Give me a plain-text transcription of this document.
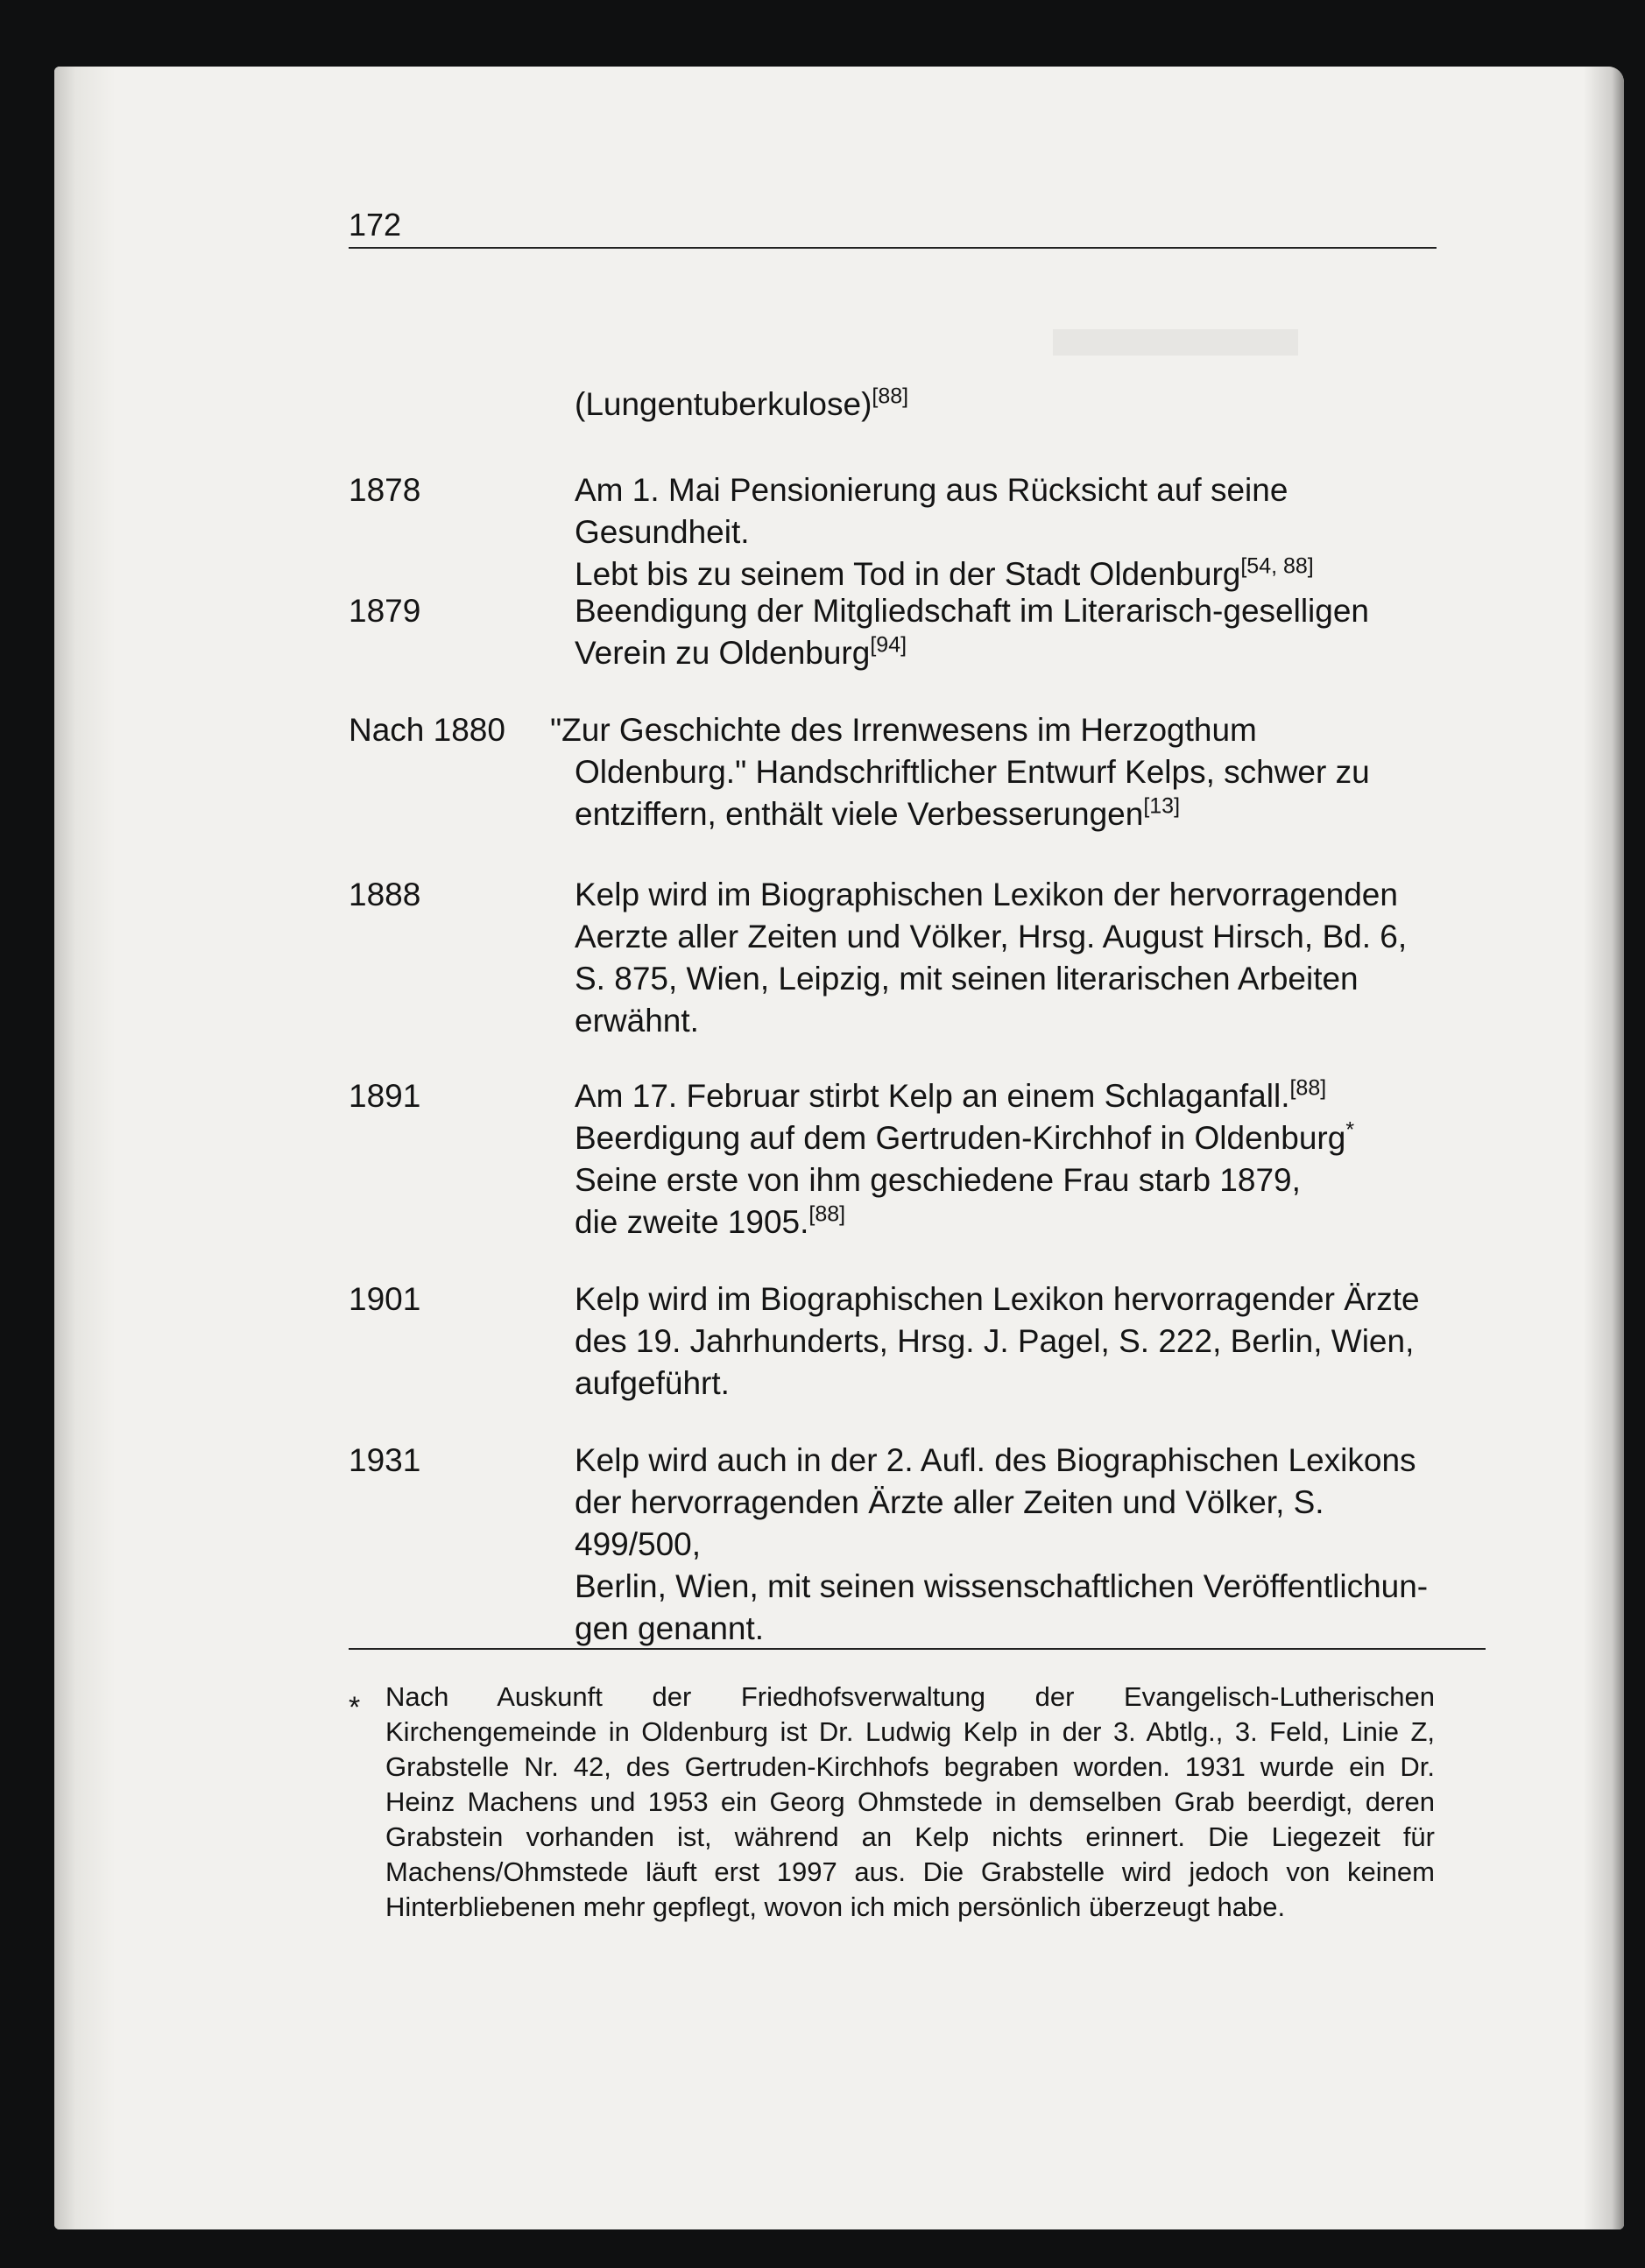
172
(Lungentuberkulose)[88]
1878	Am 1. Mai Pensionierung aus Rücksicht auf seine Gesundheit.
Lebt bis zu seinem Tod in der Stadt Oldenburg[54, 88]
1879	Beendigung der Mitgliedschaft im Literarisch-geselligen
Verein zu Oldenburg[94]
Nach 1880 "Zur Geschichte des Irrenwesens im Herzogthum
Oldenburg." Handschriftlicher Entwurf Kelps, schwer zu
entziffern, enthält viele Verbesserungen[13]
1888	Kelp wird im Biographischen Lexikon der hervorragenden
Aerzte aller Zeiten und Völker, Hrsg. August Hirsch, Bd. 6,
S. 875, Wien, Leipzig, mit seinen literarischen Arbeiten
erwähnt.
1891	Am 17. Februar stirbt Kelp an einem Schlaganfall.[88]
Beerdigung auf dem Gertruden-Kirchhof in Oldenburg*
Seine erste von ihm geschiedene Frau starb 1879,
die zweite 1905.[88]
1901	Kelp wird im Biographischen Lexikon hervorragender Ärzte
des 19. Jahrhunderts, Hrsg. J. Pagel, S. 222, Berlin, Wien,
aufgeführt.
1931	Kelp wird auch in der 2. Aufl. des Biographischen Lexikons
der hervorragenden Ärzte aller Zeiten und Völker, S. 499/500,
Berlin, Wien, mit seinen wissenschaftlichen Veröffentlichun-
gen genannt.
* Nach Auskunft der Friedhofsverwaltung der Evangelisch-Lutherischen Kirchengemeinde in Oldenburg ist Dr. Ludwig Kelp in der 3. Abtlg., 3. Feld, Linie Z, Grabstelle Nr. 42, des Gertruden-Kirchhofs begraben worden. 1931 wurde ein Dr. Heinz Machens und 1953 ein Georg Ohmstede in demselben Grab beerdigt, deren Grabstein vorhanden ist, während an Kelp nichts erinnert. Die Liegezeit für Machens/Ohmstede läuft erst 1997 aus. Die Grabstelle wird jedoch von keinem Hinterbliebenen mehr gepflegt, wovon ich mich persönlich überzeugt habe.
